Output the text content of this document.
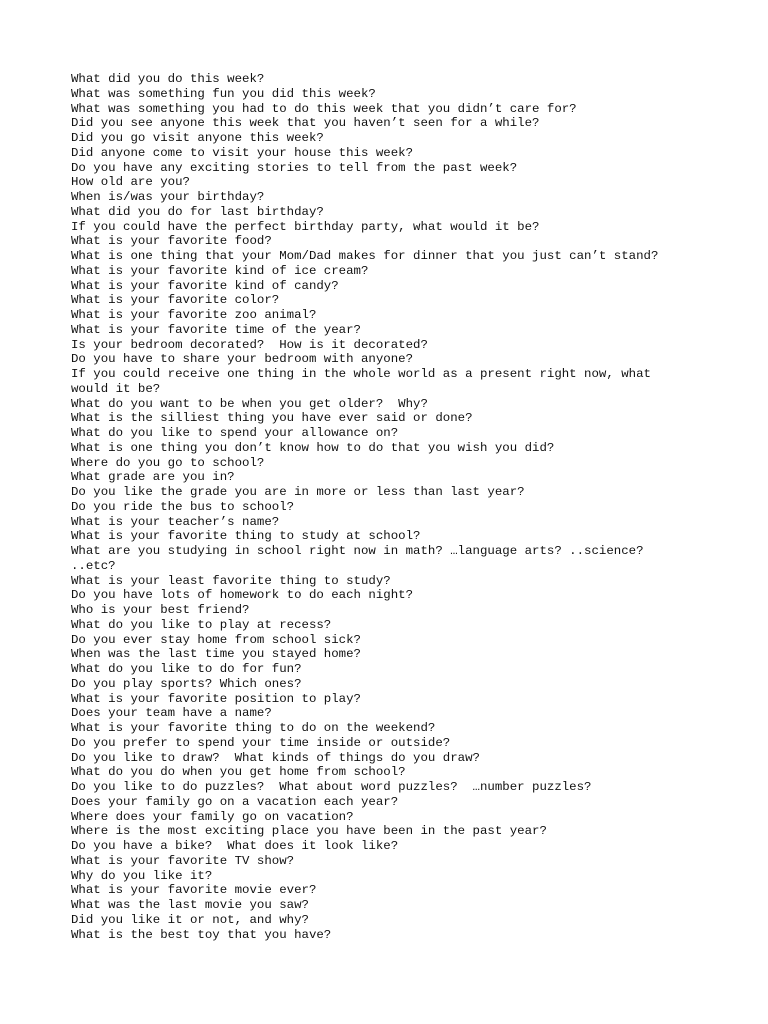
What did you do this week?
What was something fun you did this week?
What was something you had to do this week that you didn’t care for?
Did you see anyone this week that you haven’t seen for a while?
Did you go visit anyone this week?
Did anyone come to visit your house this week?
Do you have any exciting stories to tell from the past week?
How old are you?
When is/was your birthday?
What did you do for last birthday?
If you could have the perfect birthday party, what would it be?
What is your favorite food?
What is one thing that your Mom/Dad makes for dinner that you just can’t stand?
What is your favorite kind of ice cream?
What is your favorite kind of candy?
What is your favorite color?
What is your favorite zoo animal?
What is your favorite time of the year?
Is your bedroom decorated?  How is it decorated?
Do you have to share your bedroom with anyone?
If you could receive one thing in the whole world as a present right now, what
would it be?
What do you want to be when you get older?  Why?
What is the silliest thing you have ever said or done?
What do you like to spend your allowance on?
What is one thing you don’t know how to do that you wish you did?
Where do you go to school?
What grade are you in?
Do you like the grade you are in more or less than last year?
Do you ride the bus to school?
What is your teacher’s name?
What is your favorite thing to study at school?
What are you studying in school right now in math? …language arts? ..science?
..etc?
What is your least favorite thing to study?
Do you have lots of homework to do each night?
Who is your best friend?
What do you like to play at recess?
Do you ever stay home from school sick?
When was the last time you stayed home?
What do you like to do for fun?
Do you play sports? Which ones?
What is your favorite position to play?
Does your team have a name?
What is your favorite thing to do on the weekend?
Do you prefer to spend your time inside or outside?
Do you like to draw?  What kinds of things do you draw?
What do you do when you get home from school?
Do you like to do puzzles?  What about word puzzles?  …number puzzles?
Does your family go on a vacation each year?
Where does your family go on vacation?
Where is the most exciting place you have been in the past year?
Do you have a bike?  What does it look like?
What is your favorite TV show?
Why do you like it?
What is your favorite movie ever?
What was the last movie you saw?
Did you like it or not, and why?
What is the best toy that you have?
